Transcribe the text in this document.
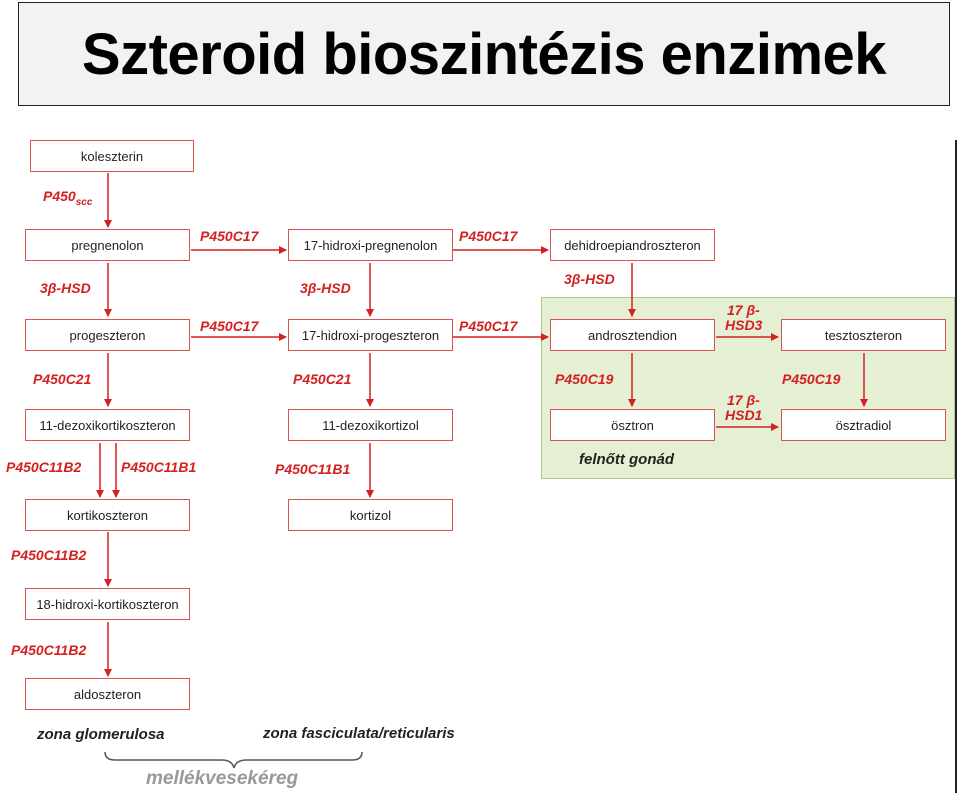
Szteroid bioszintézis enzimek
koleszterin
pregnenolon	17-hidroxi-pregnenolon	dehidroepiandroszteron
progeszteron	17-hidroxi-progeszteron	androsztendion	tesztoszteron
11-dezoxikortikoszteron	11-dezoxikortizol	ösztron	ösztradiol
kortikoszteron	kortizol
18-hidroxi-kortikoszteron
aldoszteron
$P450_{scc}$
P450C17	P450C17
P450C17	P450C17
3β-HSD	3β-HSD
3β-HSD
17 β-
HSD3
17 β-
HSD1
P450C21	P450C21	P450C19	P450C19
P450C11B2	P450C11B1	P450C11B1
P450C11B2
P450C11B2
felnőtt gonád
zona glomerulosa	zona fasciculata/reticularis
mellékvesekéreg
